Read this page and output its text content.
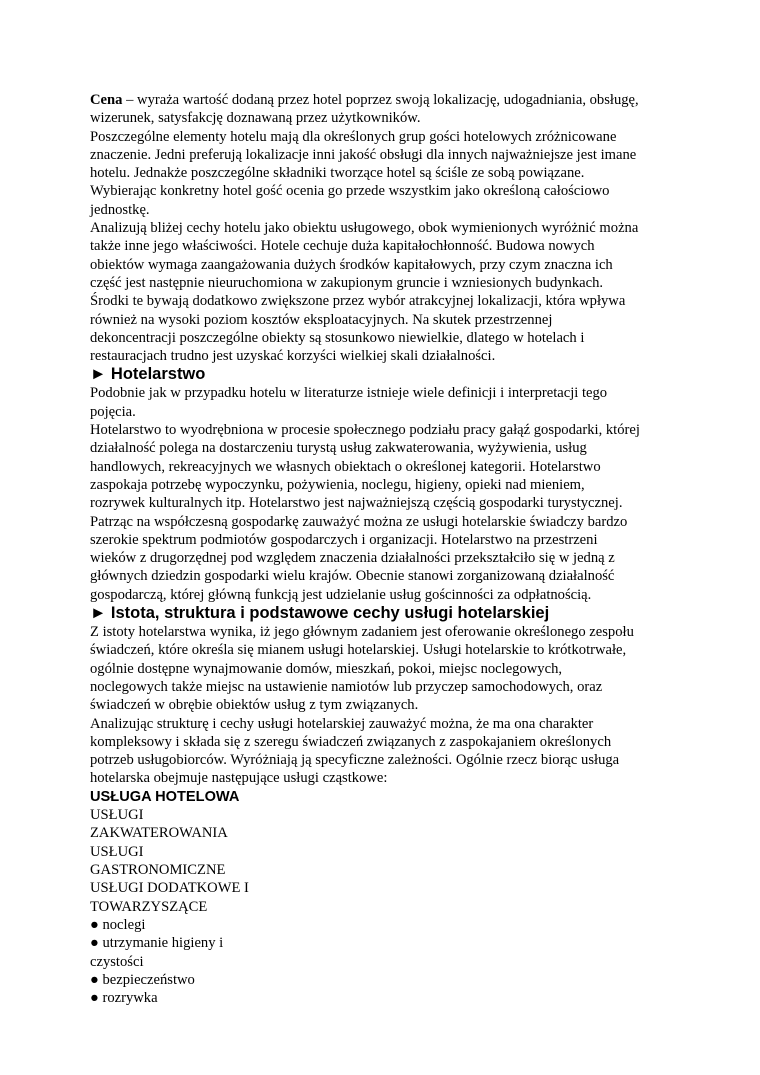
Cena – wyraża wartość dodaną przez hotel poprzez swoją lokalizację, udogadniania, obsługę,
wizerunek, satysfakcję doznawaną przez użytkowników.

Poszczególne elementy hotelu mają dla określonych grup gości hotelowych zróżnicowane
znaczenie. Jedni preferują lokalizacje inni jakość obsługi dla innych najważniejsze jest imane
hotelu. Jednakże poszczególne składniki tworzące hotel są ściśle ze sobą powiązane.
Wybierając konkretny hotel gość ocenia go przede wszystkim jako określoną całościowo
jednostkę.

Analizują bliżej cechy hotelu jako obiektu usługowego, obok wymienionych wyróżnić można
także inne jego właściwości. Hotele cechuje duża kapitałochłonność. Budowa nowych
obiektów wymaga zaangażowania dużych środków kapitałowych, przy czym znaczna ich
część jest następnie nieuruchomiona w zakupionym gruncie i wzniesionych budynkach.
Środki te bywają dodatkowo zwiększone przez wybór atrakcyjnej lokalizacji, która wpływa
również na wysoki poziom kosztów eksploatacyjnych. Na skutek przestrzennej
dekoncentracji poszczególne obiekty są stosunkowo niewielkie, dlatego w hotelach i
restauracjach trudno jest uzyskać korzyści wielkiej skali działalności.

► Hotelarstwo

Podobnie jak w przypadku hotelu w literaturze istnieje wiele definicji i interpretacji tego
pojęcia.

Hotelarstwo to wyodrębniona w procesie społecznego podziału pracy gałąź gospodarki, której
działalność polega na dostarczeniu turystą usług zakwaterowania, wyżywienia, usług
handlowych, rekreacyjnych we własnych obiektach o określonej kategorii. Hotelarstwo
zaspokaja potrzebę wypoczynku, pożywienia, noclegu, higieny, opieki nad mieniem,
rozrywek kulturalnych itp. Hotelarstwo jest najważniejszą częścią gospodarki turystycznej.
Patrząc na współczesną gospodarkę zauważyć można ze usługi hotelarskie świadczy bardzo
szerokie spektrum podmiotów gospodarczych i organizacji. Hotelarstwo na przestrzeni
wieków z drugorzędnej pod względem znaczenia działalności przekształciło się w jedną z
głównych dziedzin gospodarki wielu krajów. Obecnie stanowi zorganizowaną działalność
gospodarczą, której główną funkcją jest udzielanie usług gościnności za odpłatnością.

► Istota, struktura i podstawowe cechy usługi hotelarskiej

Z istoty hotelarstwa wynika, iż jego głównym zadaniem jest oferowanie określonego zespołu
świadczeń, które określa się mianem usługi hotelarskiej. Usługi hotelarskie to krótkotrwałe,
ogólnie dostępne wynajmowanie domów, mieszkań, pokoi, miejsc noclegowych,
noclegowych także miejsc na ustawienie namiotów lub przyczep samochodowych, oraz
świadczeń w obrębie obiektów usług z tym związanych.

Analizując strukturę i cechy usługi hotelarskiej zauważyć można, że ma ona charakter
kompleksowy i składa się z szeregu świadczeń związanych z zaspokajaniem określonych
potrzeb usługobiorców. Wyróżniają ją specyficzne zależności. Ogólnie rzecz biorąc usługa
hotelarska obejmuje następujące usługi cząstkowe:

USŁUGA HOTELOWA
USŁUGI
ZAKWATEROWANIA
USŁUGI
GASTRONOMICZNE
USŁUGI DODATKOWE I
TOWARZYSZĄCE
● noclegi
● utrzymanie higieny i
czystości
● bezpieczeństwo
● rozrywka
